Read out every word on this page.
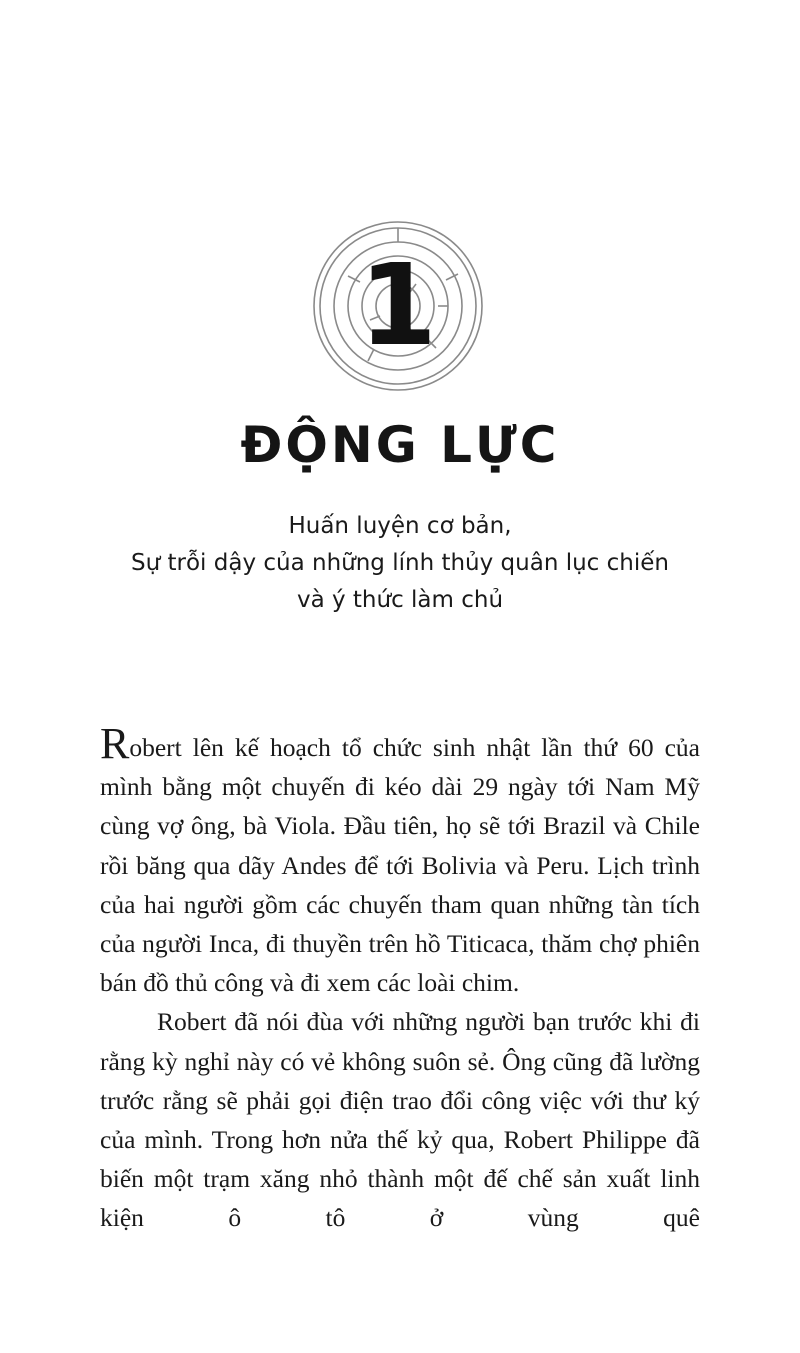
1
ĐỘNG LỰC
Huấn luyện cơ bản,
Sự trỗi dậy của những lính thủy quân lục chiến
và ý thức làm chủ

Robert lên kế hoạch tổ chức sinh nhật lần thứ 60 của mình bằng một chuyến đi kéo dài 29 ngày tới Nam Mỹ cùng vợ ông, bà Viola. Đầu tiên, họ sẽ tới Brazil và Chile rồi băng qua dãy Andes để tới Bolivia và Peru. Lịch trình của hai người gồm các chuyến tham quan những tàn tích của người Inca, đi thuyền trên hồ Titicaca, thăm chợ phiên bán đồ thủ công và đi xem các loài chim.

Robert đã nói đùa với những người bạn trước khi đi rằng kỳ nghỉ này có vẻ không suôn sẻ. Ông cũng đã lường trước rằng sẽ phải gọi điện trao đổi công việc với thư ký của mình. Trong hơn nửa thế kỷ qua, Robert Philippe đã biến một trạm xăng nhỏ thành một đế chế sản xuất linh kiện ô tô ở vùng quê
